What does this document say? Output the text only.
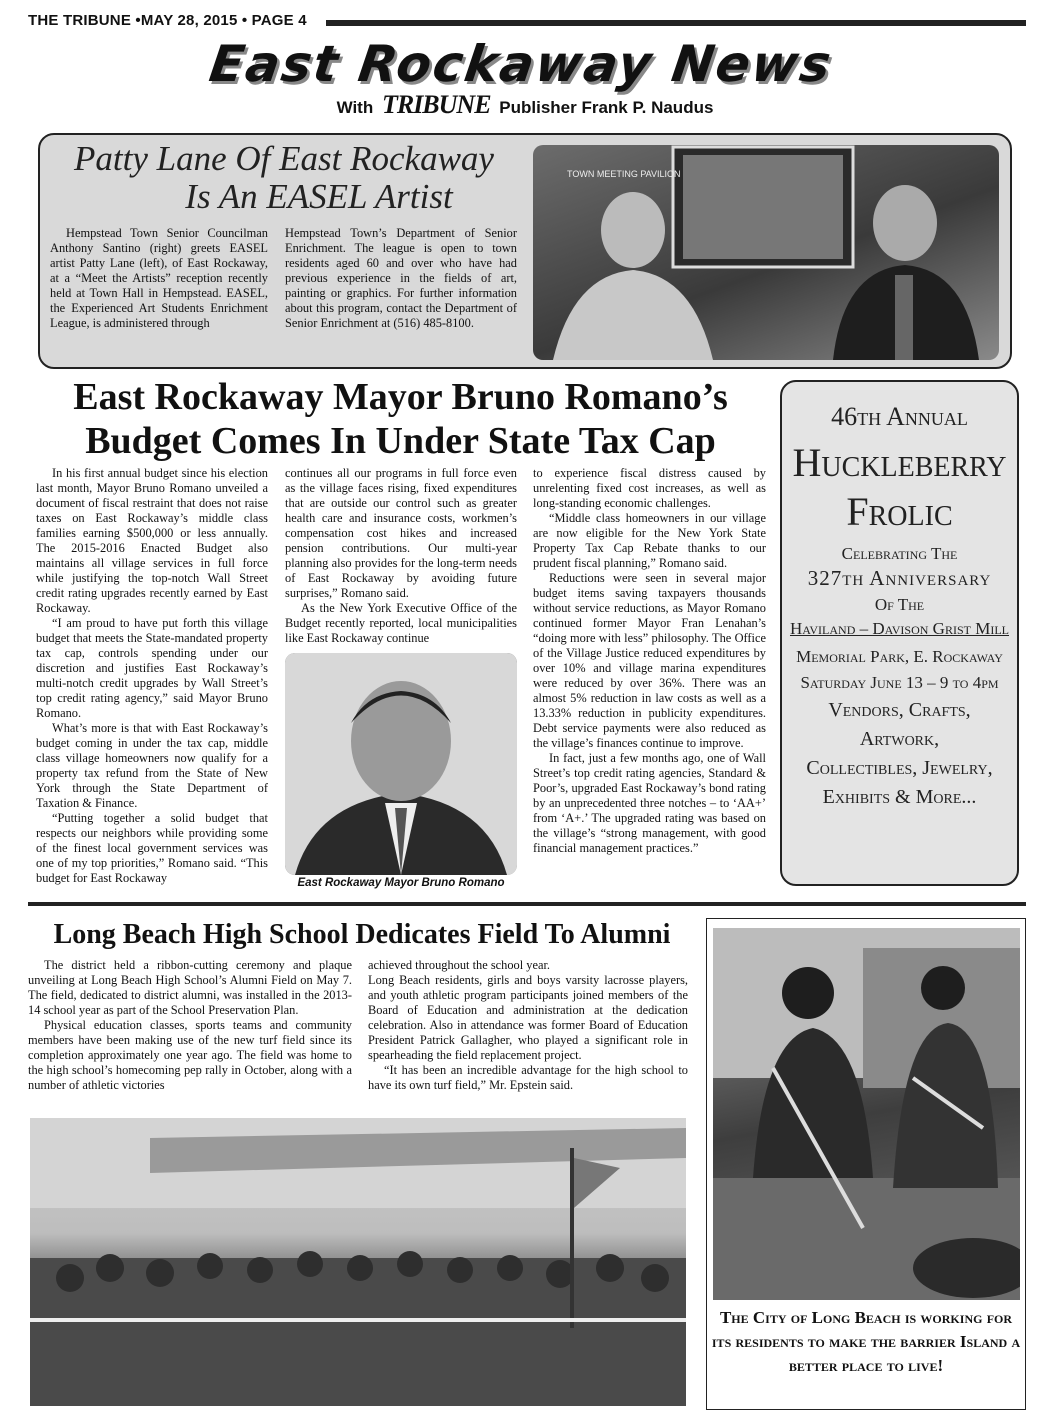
THE TRIBUNE •MAY 28, 2015 • PAGE 4
East Rockaway News
With TRIBUNE Publisher Frank P. Naudus
Patty Lane Of East Rockaway
Is An EASEL Artist

Hempstead Town Senior Councilman Anthony Santino (right) greets EASEL artist Patty Lane (left), of East Rockaway, at a “Meet the Artists” reception recently held at Town Hall in Hempstead. EASEL, the Experienced Art Students Enrichment League, is administered through

Hempstead Town’s Department of Senior Enrichment. The league is open to town residents aged 60 and over who have had previous experience in the fields of art, painting or graphics. For further information about this program, contact the Department of Senior Enrichment at (516) 485-8100.

TOWN MEETING PAVILION
East Rockaway Mayor Bruno Romano’s
Budget Comes In Under State Tax Cap

In his first annual budget since his election last month, Mayor Bruno Romano unveiled a document of fiscal restraint that does not raise taxes on East Rockaway’s middle class families earning $500,000 or less annually. The 2015-2016 Enacted Budget also maintains all village services in full force while justifying the top-notch Wall Street credit rating upgrades recently earned by East Rockaway.

“I am proud to have put forth this village budget that meets the State-mandated property tax cap, controls spending under our discretion and justifies East Rockaway’s multi-notch credit upgrades by Wall Street’s top credit rating agency,” said Mayor Bruno Romano.

What’s more is that with East Rockaway’s budget coming in under the tax cap, middle class village homeowners now qualify for a property tax refund from the State of New York through the State Department of Taxation & Finance.

“Putting together a solid budget that respects our neighbors while providing some of the finest local government services was one of my top priorities,” Romano said. “This budget for East Rockaway

continues all our programs in full force even as the village faces rising, fixed expenditures that are outside our control such as greater health care and insurance costs, workmen’s compensation cost hikes and increased pension contributions. Our multi-year planning also provides for the long-term needs of East Rockaway by avoiding future surprises,” Romano said.

As the New York Executive Office of the Budget recently reported, local municipalities like East Rockaway continue

East Rockaway Mayor Bruno Romano

to experience fiscal distress caused by unrelenting fixed cost increases, as well as long-standing economic challenges.

“Middle class homeowners in our village are now eligible for the New York State Property Tax Cap Rebate thanks to our prudent fiscal planning,” Romano said.

Reductions were seen in several major budget items saving taxpayers thousands without service reductions, as Mayor Romano continued former Mayor Fran Lenahan’s “doing more with less” philosophy. The Office of the Village Justice reduced expenditures by over 10% and village marina expenditures were reduced by over 36%. There was an almost 5% reduction in law costs as well as a 13.33% reduction in publicity expenditures. Debt service payments were also reduced as the village’s finances continue to improve.

In fact, just a few months ago, one of Wall Street’s top credit rating agencies, Standard & Poor’s, upgraded East Rockaway’s bond rating by an unprecedented three notches – to ‘AA+’ from ‘A+.’ The upgraded rating was based on the village’s “strong management, with good financial management practices.”

46th Annual
Huckleberry
Frolic
Celebrating The
327th Anniversary
Of The
Haviland – Davison Grist Mill
Memorial Park, E. Rockaway
Saturday June 13 – 9 to 4pm
Vendors, Crafts,
Artwork,
Collectibles, Jewelry,
Exhibits & More...
Long Beach High School Dedicates Field To Alumni

The district held a ribbon-cutting ceremony and plaque unveiling at Long Beach High School’s Alumni Field on May 7. The field, dedicated to district alumni, was installed in the 2013-14 school year as part of the School Preservation Plan.

Physical education classes, sports teams and community members have been making use of the new turf field since its completion approximately one year ago. The field was home to the high school’s homecoming pep rally in October, along with a number of athletic victories

achieved throughout the school year.

Long Beach residents, girls and boys varsity lacrosse players, and youth athletic program participants joined members of the Board of Education and administration at the dedication celebration. Also in attendance was former Board of Education President Patrick Gallagher, who played a significant role in spearheading the field replacement project.

“It has been an incredible advantage for the high school to have its own turf field,” Mr. Epstein said.

The City of Long Beach is working for its residents to make the barrier Island a better place to live!
